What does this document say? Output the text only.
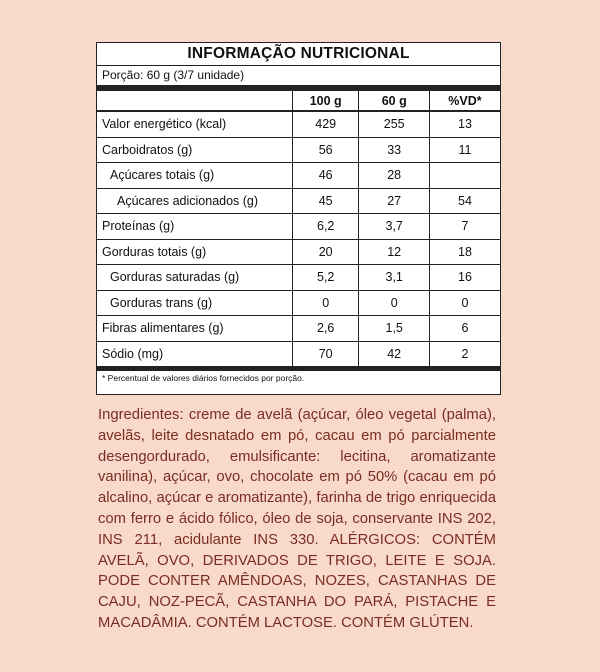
INFORMAÇÃO NUTRICIONAL
Porção: 60 g (3/7 unidade)
	100 g	60 g	%VD*
Valor energético (kcal)	429	255	13
Carboidratos (g)	56	33	11
Açúcares totais (g)	46	28	
Açúcares adicionados (g)	45	27	54
Proteínas (g)	6,2	3,7	7
Gorduras totais (g)	20	12	18
Gorduras saturadas (g)	5,2	3,1	16
Gorduras trans (g)	0	0	0
Fibras alimentares (g)	2,6	1,5	6
Sódio (mg)	70	42	2
* Percentual de valores diários fornecidos por porção.
Ingredientes: creme de avelã (açúcar, óleo vegetal (palma), avelãs, leite desnatado em pó, cacau em pó parcialmente desengordurado, emulsificante: lecitina, aromatizante vanilina), açúcar, ovo, chocolate em pó 50% (cacau em pó alcalino, açúcar e aromatizante), farinha de trigo enriquecida com ferro e ácido fólico, óleo de soja, conservante INS 202, INS 211, acidulante INS 330. ALÉRGICOS: CONTÉM AVELÃ, OVO, DERIVADOS DE TRIGO, LEITE E SOJA. PODE CONTER AMÊNDOAS, NOZES, CASTANHAS DE CAJU, NOZ-PECÃ, CASTANHA DO PARÁ, PISTACHE E MACADÂMIA. CONTÉM LACTOSE. CONTÉM GLÚTEN.
